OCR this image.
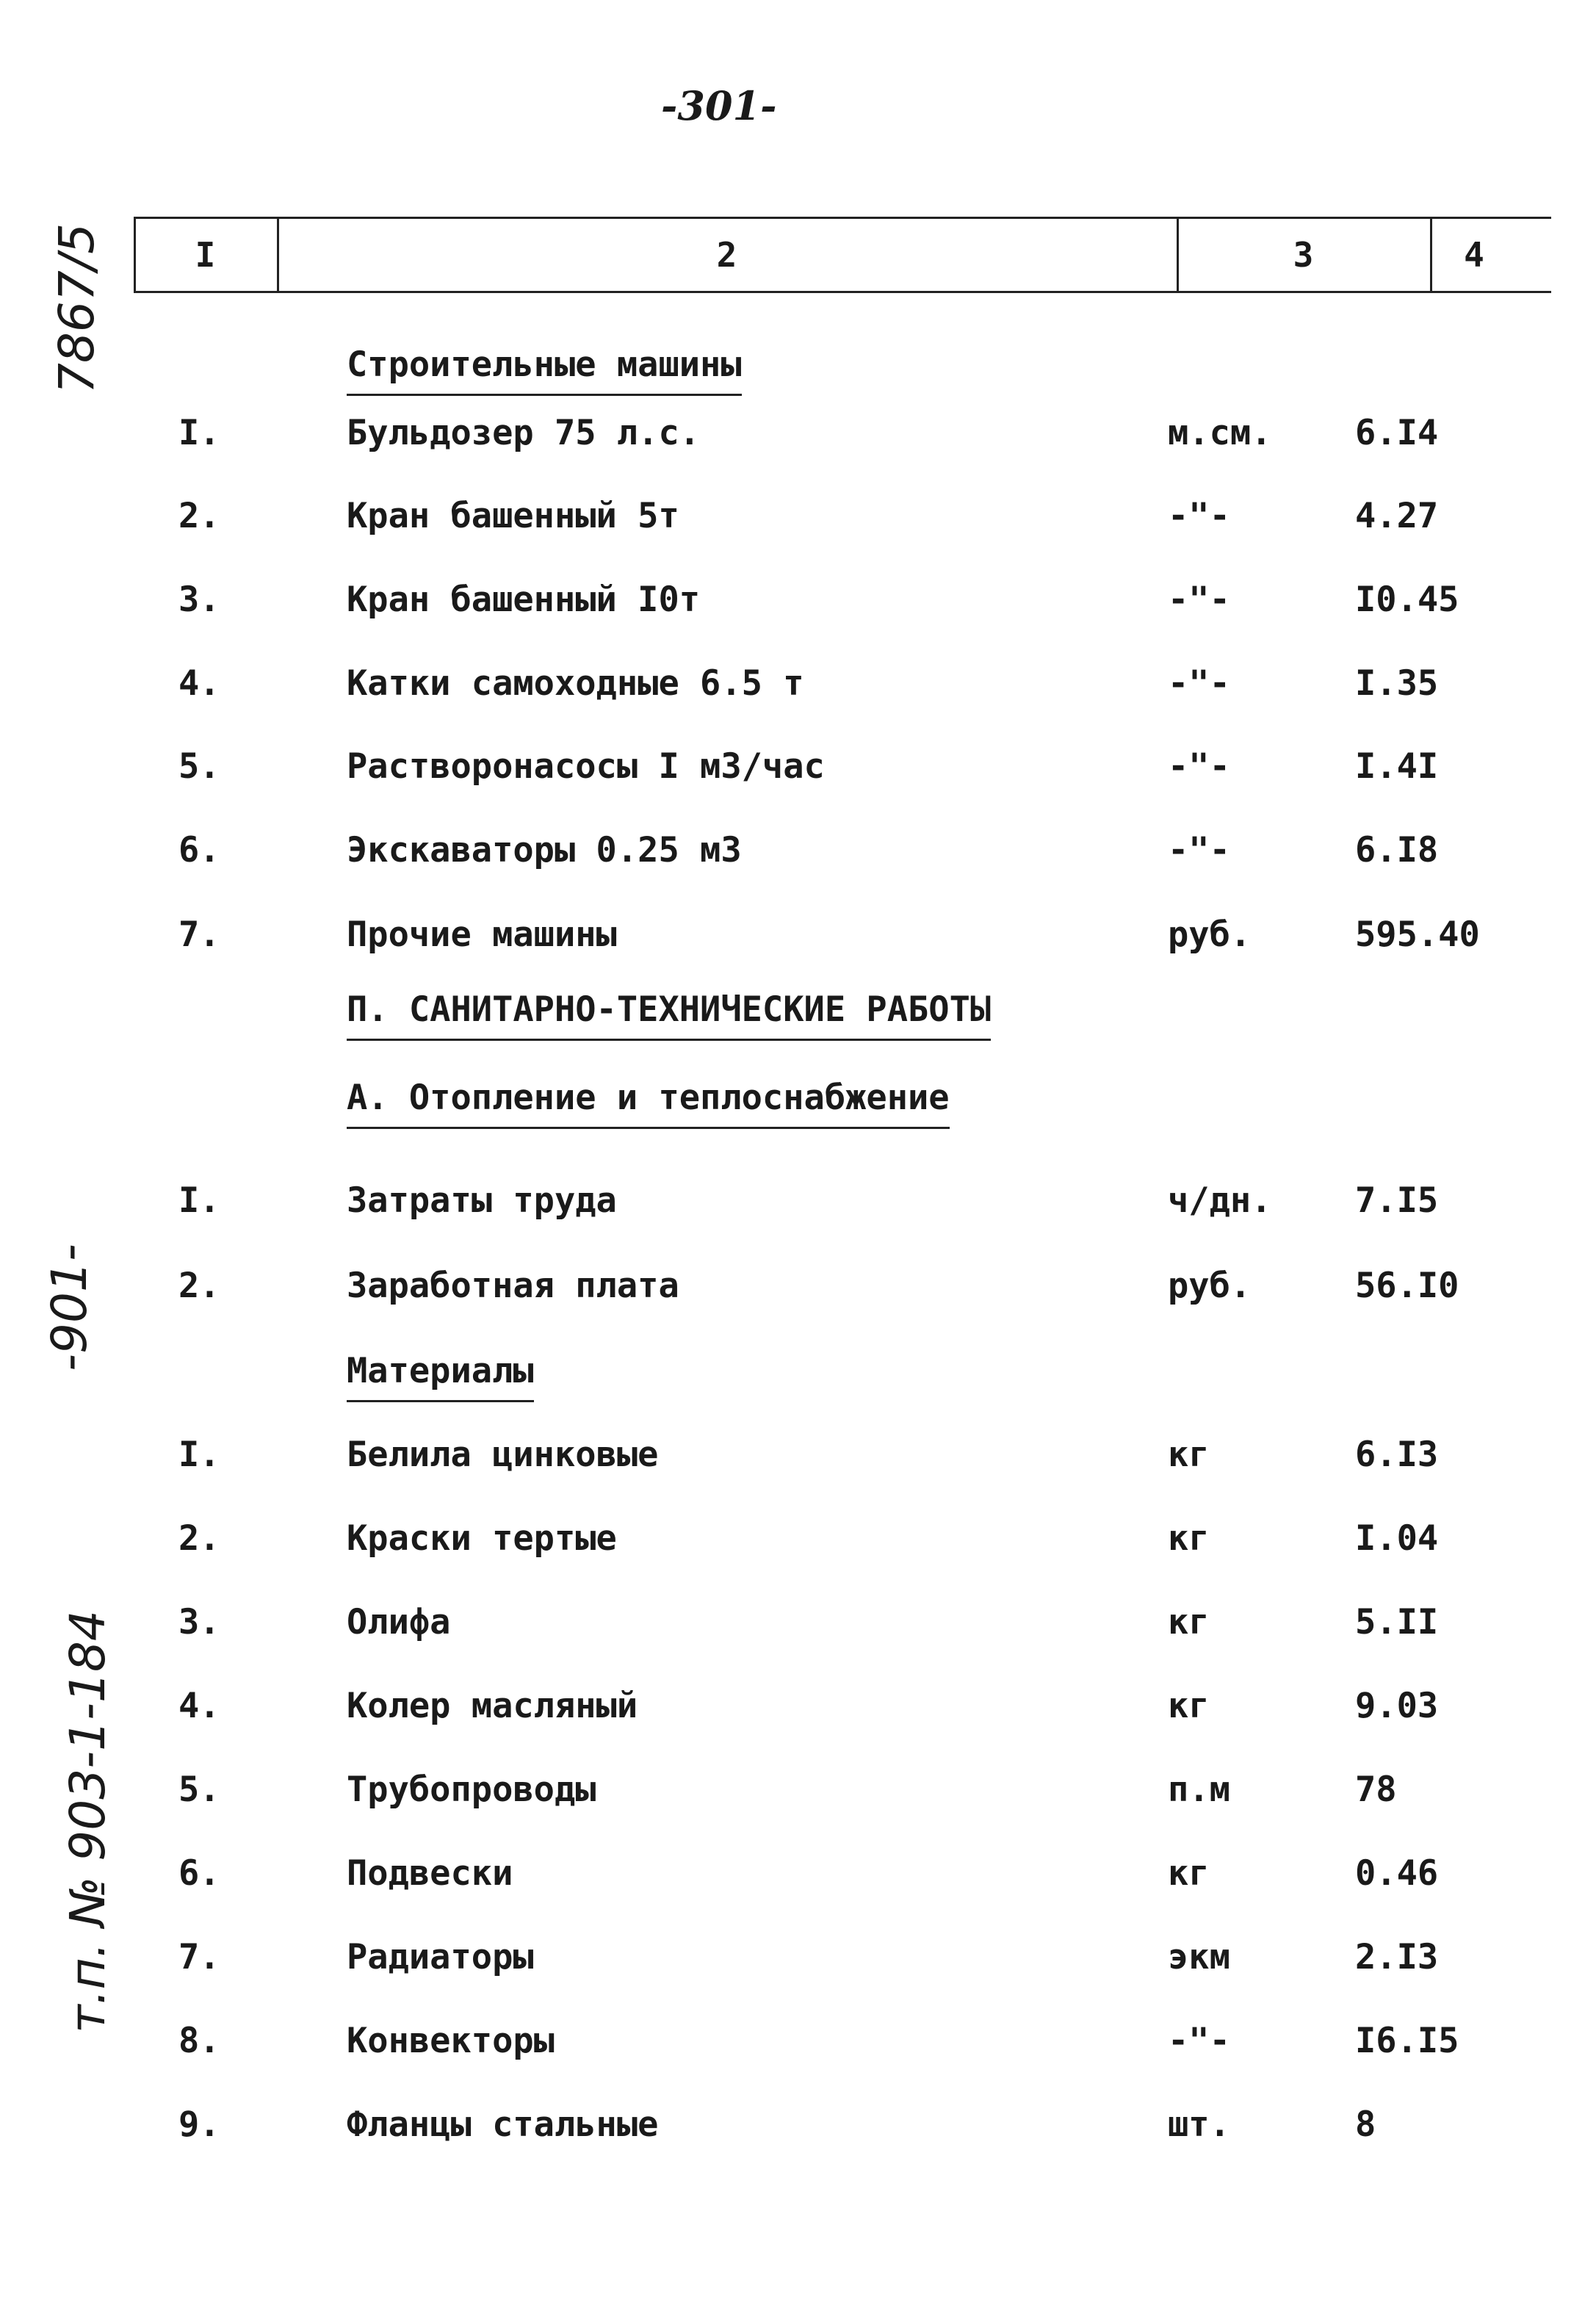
-301-
7867/5
-901-
т.п. № 903-1-184
I	2	3	4
Строительные машины
I.	Бульдозер 75 л.с.	м.см. 6.I4
2.	Кран башенный 5т	-"-	4.27
3.	Кран башенный I0т	-"-	I0.45
4.	Катки самоходные 6.5 т	-"-	I.35
5.	Растворонасосы I м3/час	-"-	I.4I
6.	Экскаваторы 0.25 м3	-"-	6.I8
7.	Прочие машины	руб.	595.40
П. САНИТАРНО-ТЕХНИЧЕСКИЕ РАБОТЫ
А. Отопление и теплоснабжение
I.	Затраты труда	ч/дн. 7.I5
2.	Заработная плата	руб.	56.I0
Материалы
I.	Белила цинковые	кг	6.I3
2.	Краски тертые	кг	I.04
3.	Олифа	кг	5.II
4.	Колер масляный	кг	9.03
5.	Трубопроводы	п.м	78
6.	Подвески	кг	0.46
7.	Радиаторы	экм	2.I3
8.	Конвекторы	-"-	I6.I5
9.	Фланцы стальные	шт.	8
